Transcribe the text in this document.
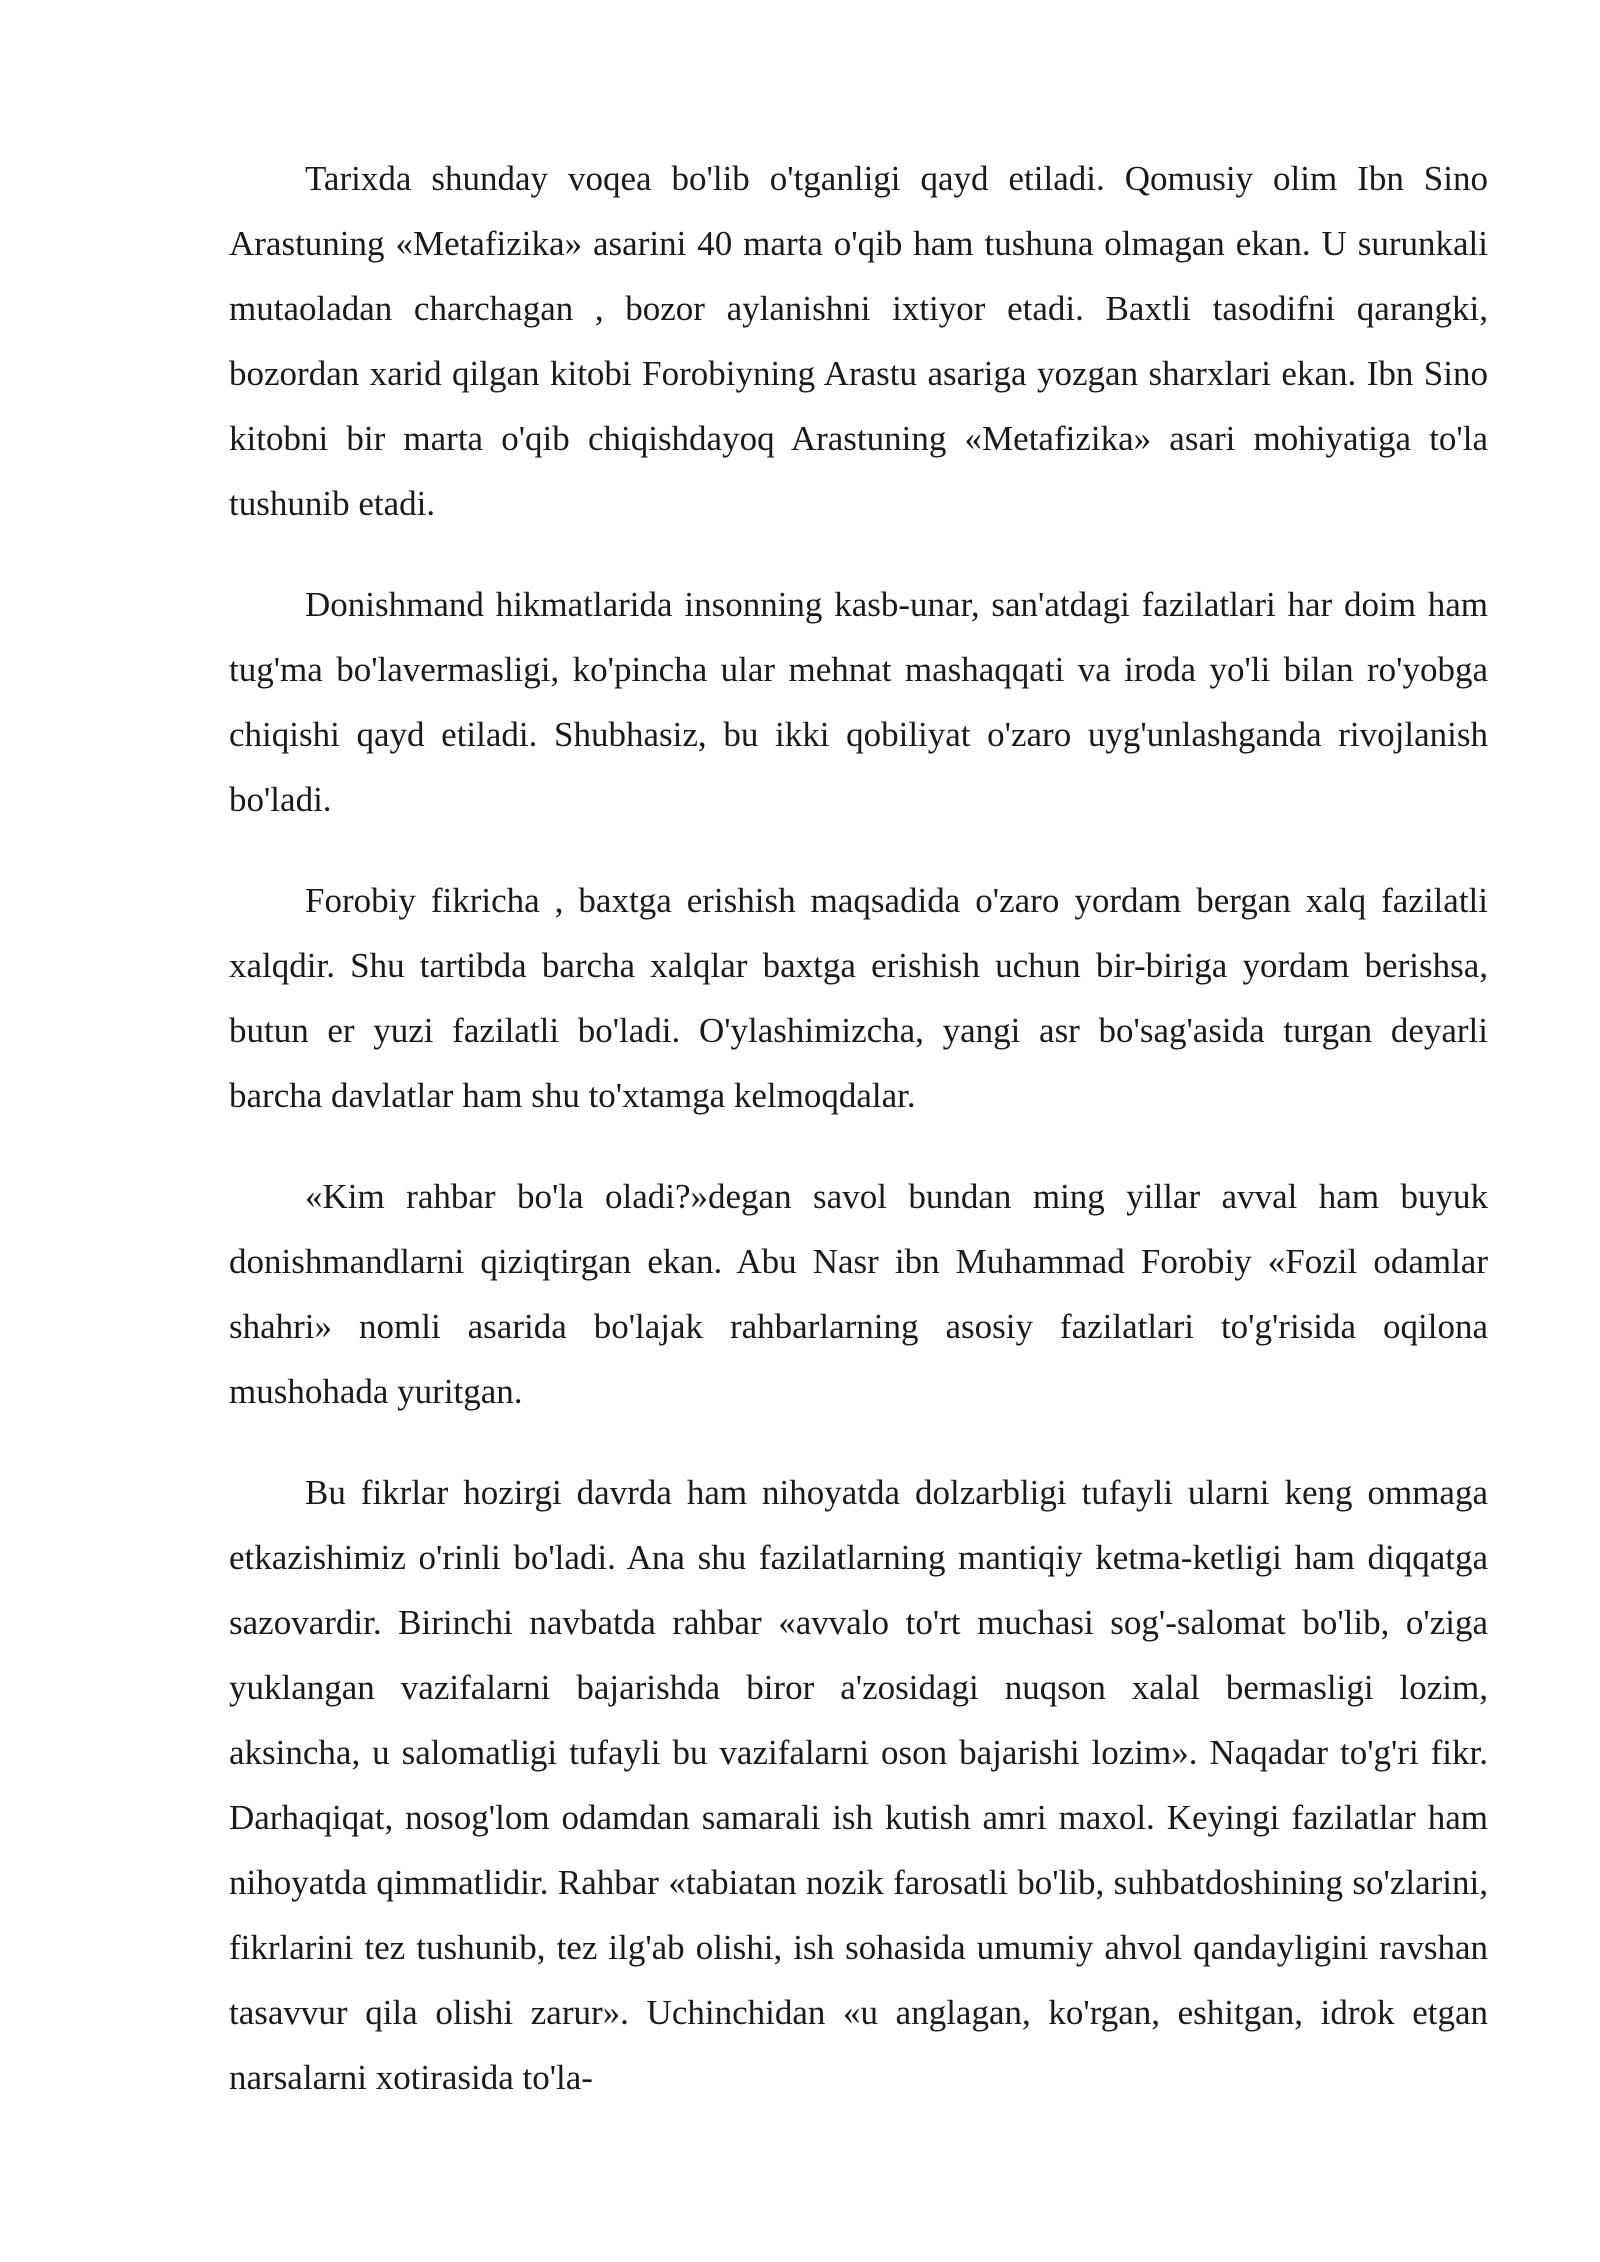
Tarixda shunday voqea bo'lib o'tganligi qayd etiladi. Qomusiy olim Ibn Sino Arastuning «Metafizika» asarini 40 marta o'qib ham tushuna olmagan ekan. U surunkali mutaoladan charchagan , bozor aylanishni ixtiyor etadi. Baxtli tasodifni qarangki, bozordan xarid qilgan kitobi Forobiyning Arastu asariga yozgan sharxlari ekan. Ibn Sino kitobni bir marta o'qib chiqishdayoq Arastuning «Metafizika» asari mohiyatiga to'la tushunib etadi.

Donishmand hikmatlarida insonning kasb-unar, san'atdagi fazilatlari har doim ham tug'ma bo'lavermasligi, ko'pincha ular mehnat mashaqqati va iroda yo'li bilan ro'yobga chiqishi qayd etiladi. Shubhasiz, bu ikki qobiliyat o'zaro uyg'unlashganda rivojlanish bo'ladi.

Forobiy fikricha , baxtga erishish maqsadida o'zaro yordam bergan xalq fazilatli xalqdir. Shu tartibda barcha xalqlar baxtga erishish uchun bir-biriga yordam berishsa, butun er yuzi fazilatli bo'ladi. O'ylashimizcha, yangi asr bo'sag'asida turgan deyarli barcha davlatlar ham shu to'xtamga kelmoqdalar.

«Kim rahbar bo'la oladi?»degan savol bundan ming yillar avval ham buyuk donishmandlarni qiziqtirgan ekan. Abu Nasr ibn Muhammad Forobiy «Fozil odamlar shahri» nomli asarida bo'lajak rahbarlarning asosiy fazilatlari to'g'risida oqilona mushohada yuritgan.

Bu fikrlar hozirgi davrda ham nihoyatda dolzarbligi tufayli ularni keng ommaga etkazishimiz o'rinli bo'ladi. Ana shu fazilatlarning mantiqiy ketma-ketligi ham diqqatga sazovardir. Birinchi navbatda rahbar «avvalo to'rt muchasi sog'-salomat bo'lib, o'ziga yuklangan vazifalarni bajarishda biror a'zosidagi nuqson xalal bermasligi lozim, aksincha, u salomatligi tufayli bu vazifalarni oson bajarishi lozim». Naqadar to'g'ri fikr. Darhaqiqat, nosog'lom odamdan samarali ish kutish amri maxol. Keyingi fazilatlar ham nihoyatda qimmatlidir. Rahbar «tabiatan nozik farosatli bo'lib, suhbatdoshining so'zlarini, fikrlarini tez tushunib, tez ilg'ab olishi, ish sohasida umumiy ahvol qandayligini ravshan tasavvur qila olishi zarur». Uchinchidan «u anglagan, ko'rgan, eshitgan, idrok etgan narsalarni xotirasida to'la-
